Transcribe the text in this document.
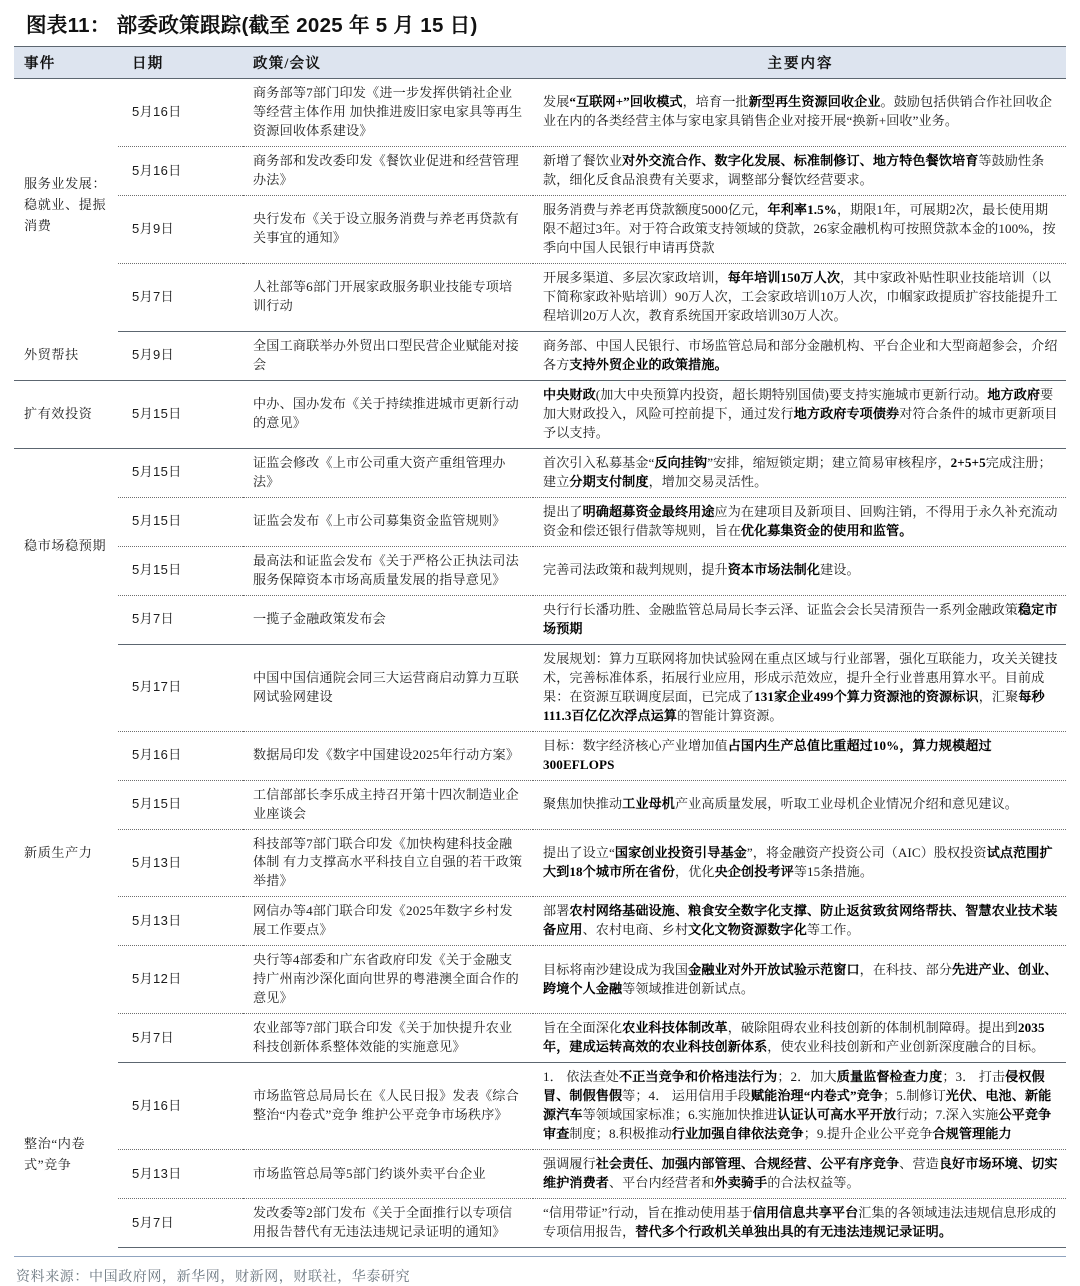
图表11： 部委政策跟踪(截至 2025 年 5 月 15 日)
事件	日期	政策/会议	主要内容
服务业发展：稳就业、提振消费	5月16日	商务部等7部门印发《进一步发挥供销社企业等经营主体作用 加快推进废旧家电家具等再生资源回收体系建设》	发展“互联网+”回收模式，培育一批新型再生资源回收企业。鼓励包括供销合作社回收企业在内的各类经营主体与家电家具销售企业对接开展“换新+回收”业务。
	5月16日	商务部和发改委印发《餐饮业促进和经营管理办法》	新增了餐饮业对外交流合作、数字化发展、标准制修订、地方特色餐饮培育等鼓励性条款，细化反食品浪费有关要求，调整部分餐饮经营要求。
	5月9日	央行发布《关于设立服务消费与养老再贷款有关事宜的通知》	服务消费与养老再贷款额度5000亿元，年利率1.5%，期限1年，可展期2次，最长使用期限不超过3年。对于符合政策支持领域的贷款，26家金融机构可按照贷款本金的100%，按季向中国人民银行申请再贷款
	5月7日	人社部等6部门开展家政服务职业技能专项培训行动	开展多渠道、多层次家政培训，每年培训150万人次，其中家政补贴性职业技能培训（以下简称家政补贴培训）90万人次，工会家政培训10万人次，巾帼家政提质扩容技能提升工程培训20万人次，教育系统国开家政培训30万人次。
外贸帮扶	5月9日	全国工商联举办外贸出口型民营企业赋能对接会	商务部、中国人民银行、市场监管总局和部分金融机构、平台企业和大型商超参会，介绍各方支持外贸企业的政策措施。
扩有效投资	5月15日	中办、国办发布《关于持续推进城市更新行动的意见》	中央财政(加大中央预算内投资，超长期特别国债)要支持实施城市更新行动。地方政府要加大财政投入，风险可控前提下，通过发行地方政府专项债券对符合条件的城市更新项目予以支持。
稳市场稳预期	5月15日	证监会修改《上市公司重大资产重组管理办法》	首次引入私募基金“反向挂钩”安排，缩短锁定期；建立简易审核程序，2+5+5完成注册；建立分期支付制度，增加交易灵活性。
	5月15日	证监会发布《上市公司募集资金监管规则》	提出了明确超募资金最终用途应为在建项目及新项目、回购注销，不得用于永久补充流动资金和偿还银行借款等规则，旨在优化募集资金的使用和监管。
	5月15日	最高法和证监会发布《关于严格公正执法司法 服务保障资本市场高质量发展的指导意见》	完善司法政策和裁判规则，提升资本市场法制化建设。
	5月7日	一揽子金融政策发布会	央行行长潘功胜、金融监管总局局长李云泽、证监会会长吴清预告一系列金融政策稳定市场预期
新质生产力	5月17日	中国中国信通院会同三大运营商启动算力互联网试验网建设	发展规划：算力互联网将加快试验网在重点区域与行业部署，强化互联能力，攻关关键技术，完善标准体系，拓展行业应用，形成示范效应，提升全行业普惠用算水平。目前成果：在资源互联调度层面，已完成了131家企业499个算力资源池的资源标识，汇聚每秒111.3百亿亿次浮点运算的智能计算资源。
	5月16日	数据局印发《数字中国建设2025年行动方案》	目标：数字经济核心产业增加值占国内生产总值比重超过10%，算力规模超过300EFLOPS
	5月15日	工信部部长李乐成主持召开第十四次制造业企业座谈会	聚焦加快推动工业母机产业高质量发展，听取工业母机企业情况介绍和意见建议。
	5月13日	科技部等7部门联合印发《加快构建科技金融体制 有力支撑高水平科技自立自强的若干政策举措》	提出了设立“国家创业投资引导基金”，将金融资产投资公司（AIC）股权投资试点范围扩大到18个城市所在省份，优化央企创投考评等15条措施。
	5月13日	网信办等4部门联合印发《2025年数字乡村发展工作要点》	部署农村网络基础设施、粮食安全数字化支撑、防止返贫致贫网络帮扶、智慧农业技术装备应用、农村电商、乡村文化文物资源数字化等工作。
	5月12日	央行等4部委和广东省政府印发《关于金融支持广州南沙深化面向世界的粤港澳全面合作的意见》	目标将南沙建设成为我国金融业对外开放试验示范窗口，在科技、部分先进产业、创业、跨境个人金融等领域推进创新试点。
	5月7日	农业部等7部门联合印发《关于加快提升农业科技创新体系整体效能的实施意见》	旨在全面深化农业科技体制改革，破除阻碍农业科技创新的体制机制障碍。提出到2035年，建成运转高效的农业科技创新体系，使农业科技创新和产业创新深度融合的目标。
整治“内卷式”竞争	5月16日	市场监管总局局长在《人民日报》发表《综合整治“内卷式”竞争 维护公平竞争市场秩序》	1． 依法查处不正当竞争和价格违法行为；2．加大质量监督检查力度；3． 打击侵权假冒、制假售假等；4． 运用信用手段赋能治理“内卷式”竞争；5.制修订光伏、电池、新能源汽车等领域国家标准；6.实施加快推进认证认可高水平开放行动；7.深入实施公平竞争审查制度；8.积极推动行业加强自律依法竞争；9.提升企业公平竞争合规管理能力
	5月13日	市场监管总局等5部门约谈外卖平台企业	强调履行社会责任、加强内部管理、合规经营、公平有序竞争、营造良好市场环境、切实维护消费者、平台内经营者和外卖骑手的合法权益等。
	5月7日	发改委等2部门发布《关于全面推行以专项信用报告替代有无违法违规记录证明的通知》	“信用带证”行动，旨在推动使用基于信用信息共享平台汇集的各领域违法违规信息形成的专项信用报告，替代多个行政机关单独出具的有无违法违规记录证明。
资料来源：中国政府网，新华网，财新网，财联社，华泰研究
